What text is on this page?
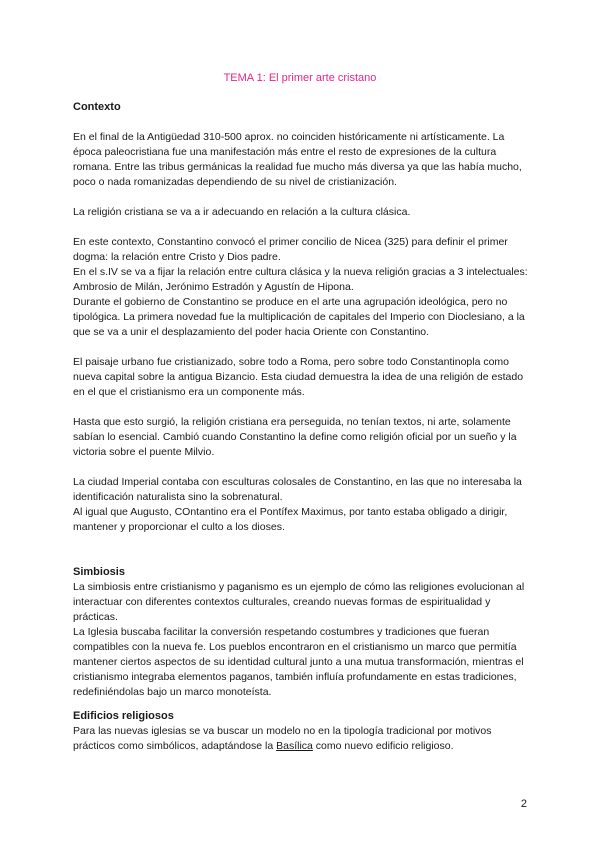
TEMA 1: El primer arte cristano

Contexto

En el final de la Antigüedad 310-500 aprox. no coinciden históricamente ni artísticamente. La época paleocristiana fue una manifestación más entre el resto de expresiones de la cultura romana. Entre las tribus germánicas la realidad fue mucho más diversa ya que las había mucho, poco o nada romanizadas dependiendo de su nivel de cristianización.

La religión cristiana se va a ir adecuando en relación a la cultura clásica.

En este contexto, Constantino convocó el primer concilio de Nicea (325) para definir el primer dogma: la relación entre Cristo y Dios padre.

En el s.IV se va a fijar la relación entre cultura clásica y la nueva religión gracias a 3 intelectuales: Ambrosio de Milán, Jerónimo Estradón y Agustín de Hipona.

Durante el gobierno de Constantino se produce en el arte una agrupación ideológica, pero no tipológica. La primera novedad fue la multiplicación de capitales del Imperio con Dioclesiano, a la que se va a unir el desplazamiento del poder hacia Oriente con Constantino.

El paisaje urbano fue cristianizado, sobre todo a Roma, pero sobre todo Constantinopla como nueva capital sobre la antigua Bizancio. Esta ciudad demuestra la idea de una religión de estado en el que el cristianismo era un componente más.

Hasta que esto surgió, la religión cristiana era perseguida, no tenían textos, ni arte, solamente sabían lo esencial. Cambió cuando Constantino la define como religión oficial por un sueño y la victoria sobre el puente Milvio.

La ciudad Imperial contaba con esculturas colosales de Constantino, en las que no interesaba la identificación naturalista sino la sobrenatural.

Al igual que Augusto, COntantino era el Pontífex Maximus, por tanto estaba obligado a dirigir, mantener y proporcionar el culto a los dioses.

Simbiosis

La simbiosis entre cristianismo y paganismo es un ejemplo de cómo las religiones evolucionan al interactuar con diferentes contextos culturales, creando nuevas formas de espiritualidad y prácticas.

La Iglesia buscaba facilitar la conversión respetando costumbres y tradiciones que fueran compatibles con la nueva fe. Los pueblos encontraron en el cristianismo un marco que permitía mantener ciertos aspectos de su identidad cultural junto a una mutua transformación, mientras el cristianismo integraba elementos paganos, también influía profundamente en estas tradiciones, redefiniéndolas bajo un marco monoteísta.

Edificios religiosos

Para las nuevas iglesias se va buscar un modelo no en la tipología tradicional por motivos prácticos como simbólicos, adaptándose la Basílica como nuevo edificio religioso.

2
